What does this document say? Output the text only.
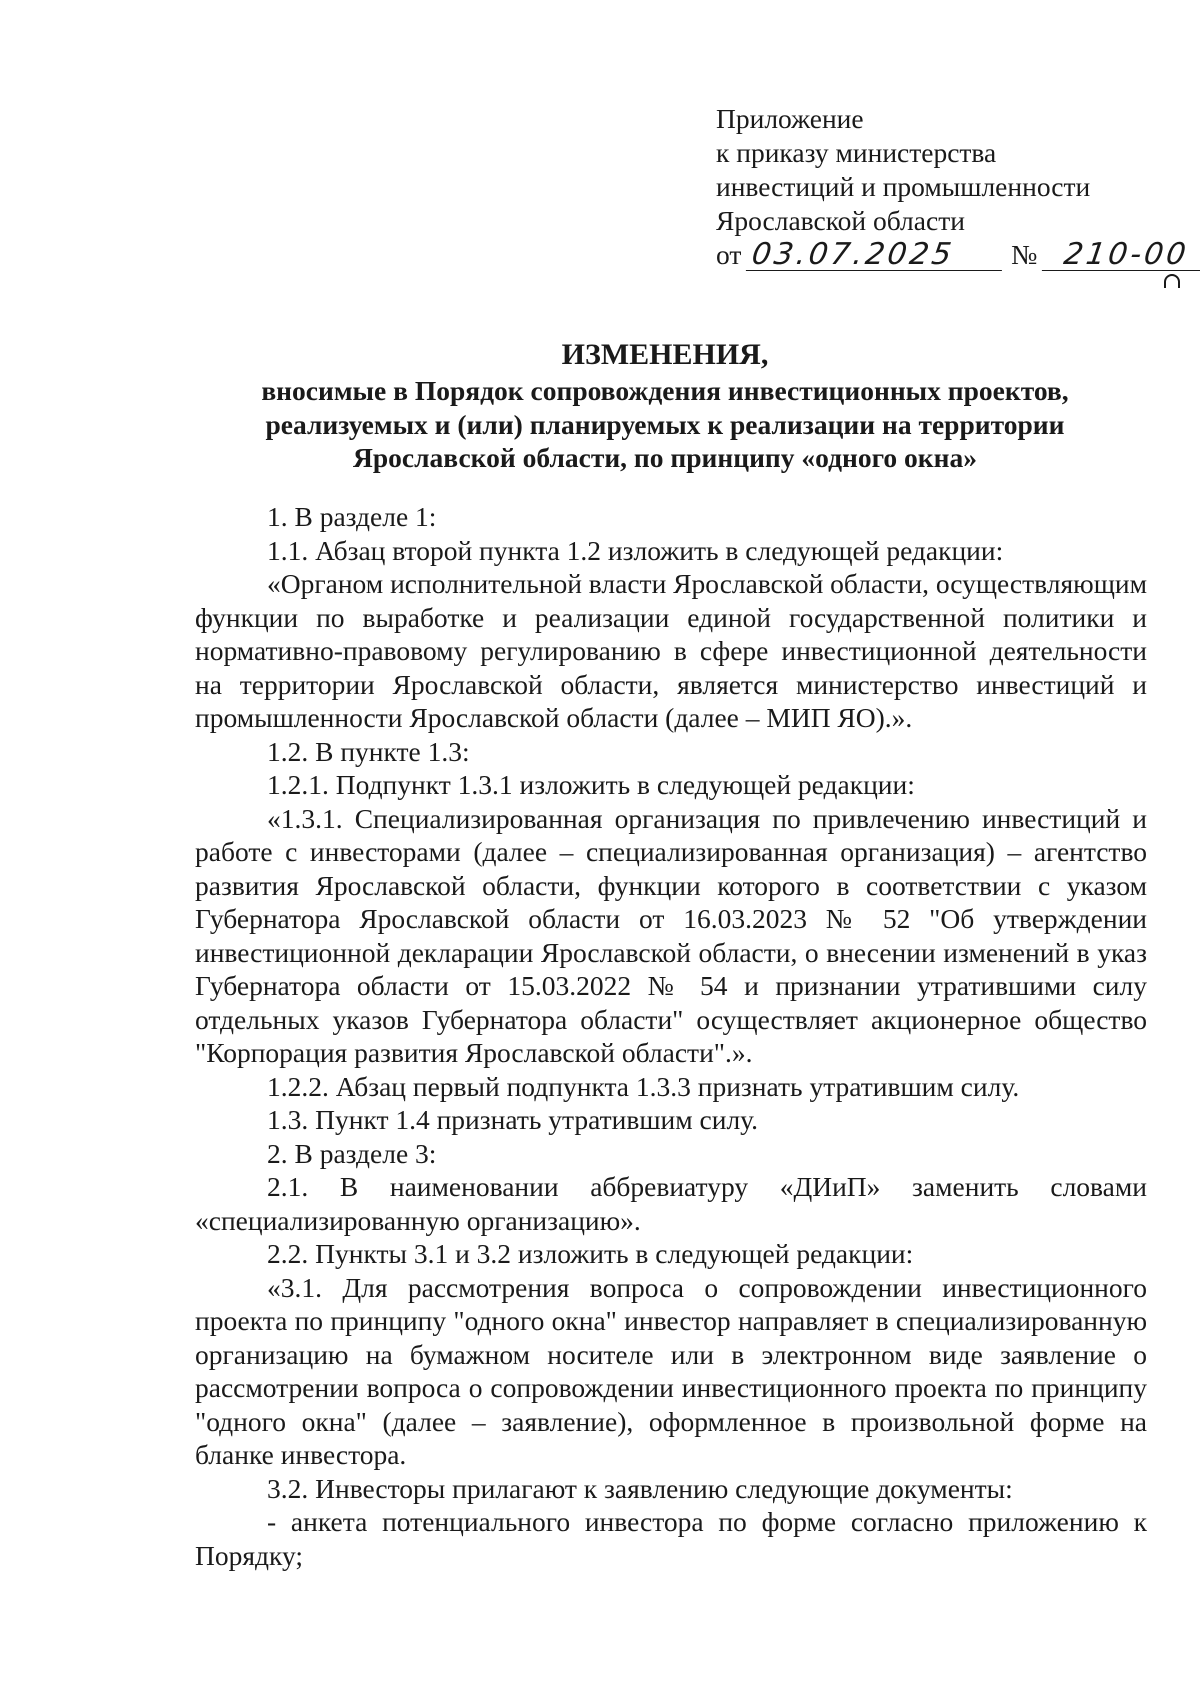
Приложение
к приказу министерства
инвестиций и промышленности
Ярославской области
от 03.07.2025 № 210-00
ИЗМЕНЕНИЯ,
вносимые в Порядок сопровождения инвестиционных проектов,
реализуемых и (или) планируемых к реализации на территории
Ярославской области, по принципу «одного окна»

1. В разделе 1:

1.1. Абзац второй пункта 1.2 изложить в следующей редакции:

«Органом исполнительной власти Ярославской области, осуществляющим функции по выработке и реализации единой государственной политики и нормативно-правовому регулированию в сфере инвестиционной деятельности на территории Ярославской области, является министерство инвестиций и промышленности Ярославской области (далее – МИП ЯО).».

1.2. В пункте 1.3:

1.2.1. Подпункт 1.3.1 изложить в следующей редакции:

«1.3.1. Специализированная организация по привлечению инвестиций и работе с инвесторами (далее – специализированная организация) – агентство развития Ярославской области, функции которого в соответствии с указом Губернатора Ярославской области от 16.03.2023 № 52 "Об утверждении инвестиционной декларации Ярославской области, о внесении изменений в указ Губернатора области от 15.03.2022 № 54 и признании утратившими силу отдельных указов Губернатора области" осуществляет акционерное общество "Корпорация развития Ярославской области".».

1.2.2. Абзац первый подпункта 1.3.3 признать утратившим силу.

1.3. Пункт 1.4 признать утратившим силу.

2. В разделе 3:

2.1. В наименовании аббревиатуру «ДИиП» заменить словами «специализированную организацию».

2.2. Пункты 3.1 и 3.2 изложить в следующей редакции:

«3.1. Для рассмотрения вопроса о сопровождении инвестиционного проекта по принципу "одного окна" инвестор направляет в специализированную организацию на бумажном носителе или в электронном виде заявление о рассмотрении вопроса о сопровождении инвестиционного проекта по принципу "одного окна" (далее – заявление), оформленное в произвольной форме на бланке инвестора.

3.2. Инвесторы прилагают к заявлению следующие документы:

- анкета потенциального инвестора по форме согласно приложению к Порядку;
